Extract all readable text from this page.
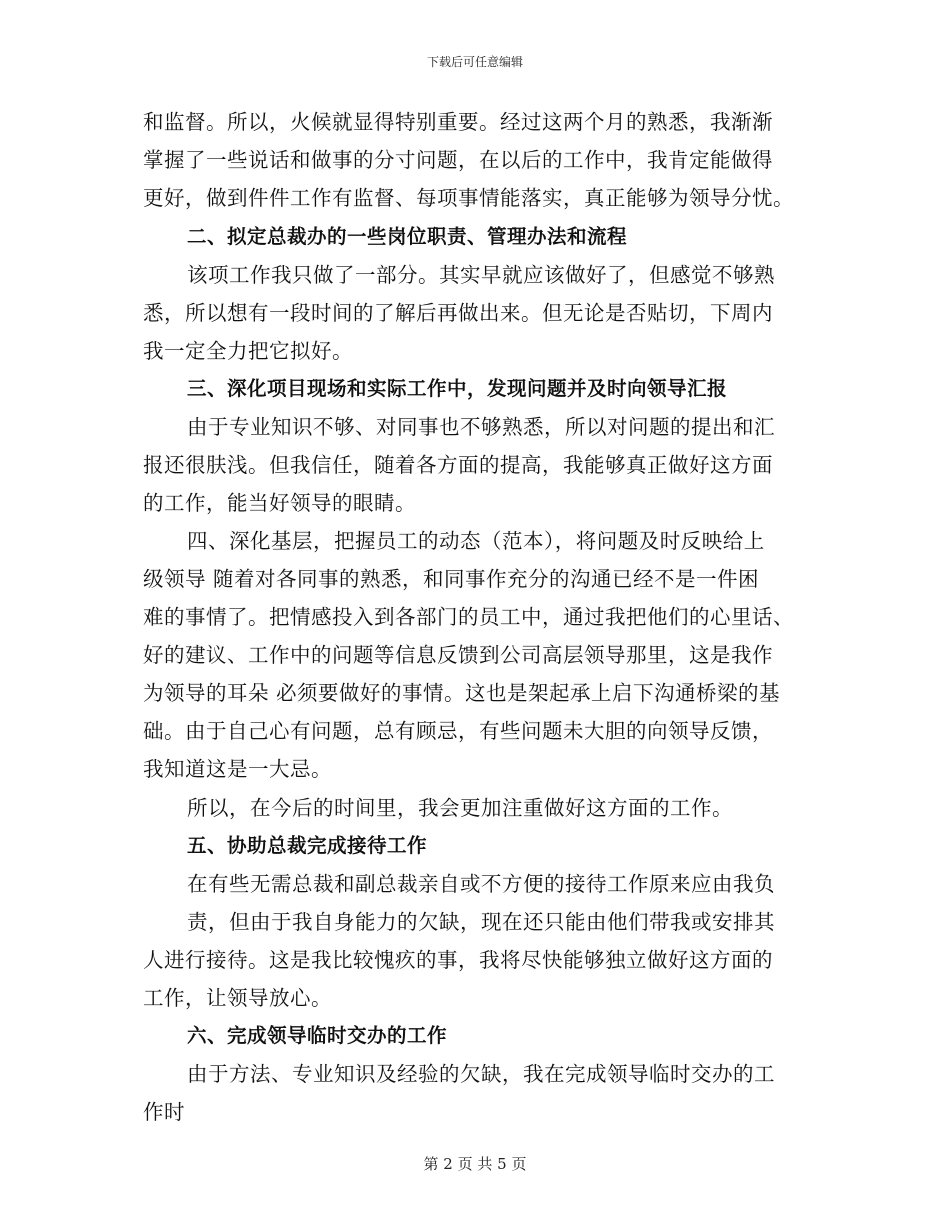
下载后可任意编辑
和监督。所以，火候就显得特别重要。经过这两个月的熟悉，我渐渐
掌握了一些说话和做事的分寸问题，在以后的工作中，我肯定能做得
更好，做到件件工作有监督、每项事情能落实，真正能够为领导分忧。
二、拟定总裁办的一些岗位职责、管理办法和流程
该项工作我只做了一部分。其实早就应该做好了，但感觉不够熟
悉，所以想有一段时间的了解后再做出来。但无论是否贴切，下周内
我一定全力把它拟好。
三、深化项目现场和实际工作中，发现问题并及时向领导汇报
由于专业知识不够、对同事也不够熟悉，所以对问题的提出和汇
报还很肤浅。但我信任，随着各方面的提高，我能够真正做好这方面
的工作，能当好领导的眼睛。
四、深化基层，把握员工的动态（范本），将问题及时反映给上
级领导 随着对各同事的熟悉，和同事作充分的沟通已经不是一件困
难的事情了。把情感投入到各部门的员工中，通过我把他们的心里话、
好的建议、工作中的问题等信息反馈到公司高层领导那里，这是我作
为领导的耳朵 必须要做好的事情。这也是架起承上启下沟通桥梁的基
础。由于自己心有问题，总有顾忌，有些问题未大胆的向领导反馈，
我知道这是一大忌。
所以，在今后的时间里，我会更加注重做好这方面的工作。
五、协助总裁完成接待工作
在有些无需总裁和副总裁亲自或不方便的接待工作原来应由我负
责，但由于我自身能力的欠缺，现在还只能由他们带我或安排其
人进行接待。这是我比较愧疚的事，我将尽快能够独立做好这方面的
工作，让领导放心。
六、完成领导临时交办的工作
由于方法、专业知识及经验的欠缺，我在完成领导临时交办的工
作时
第 2 页 共 5 页
